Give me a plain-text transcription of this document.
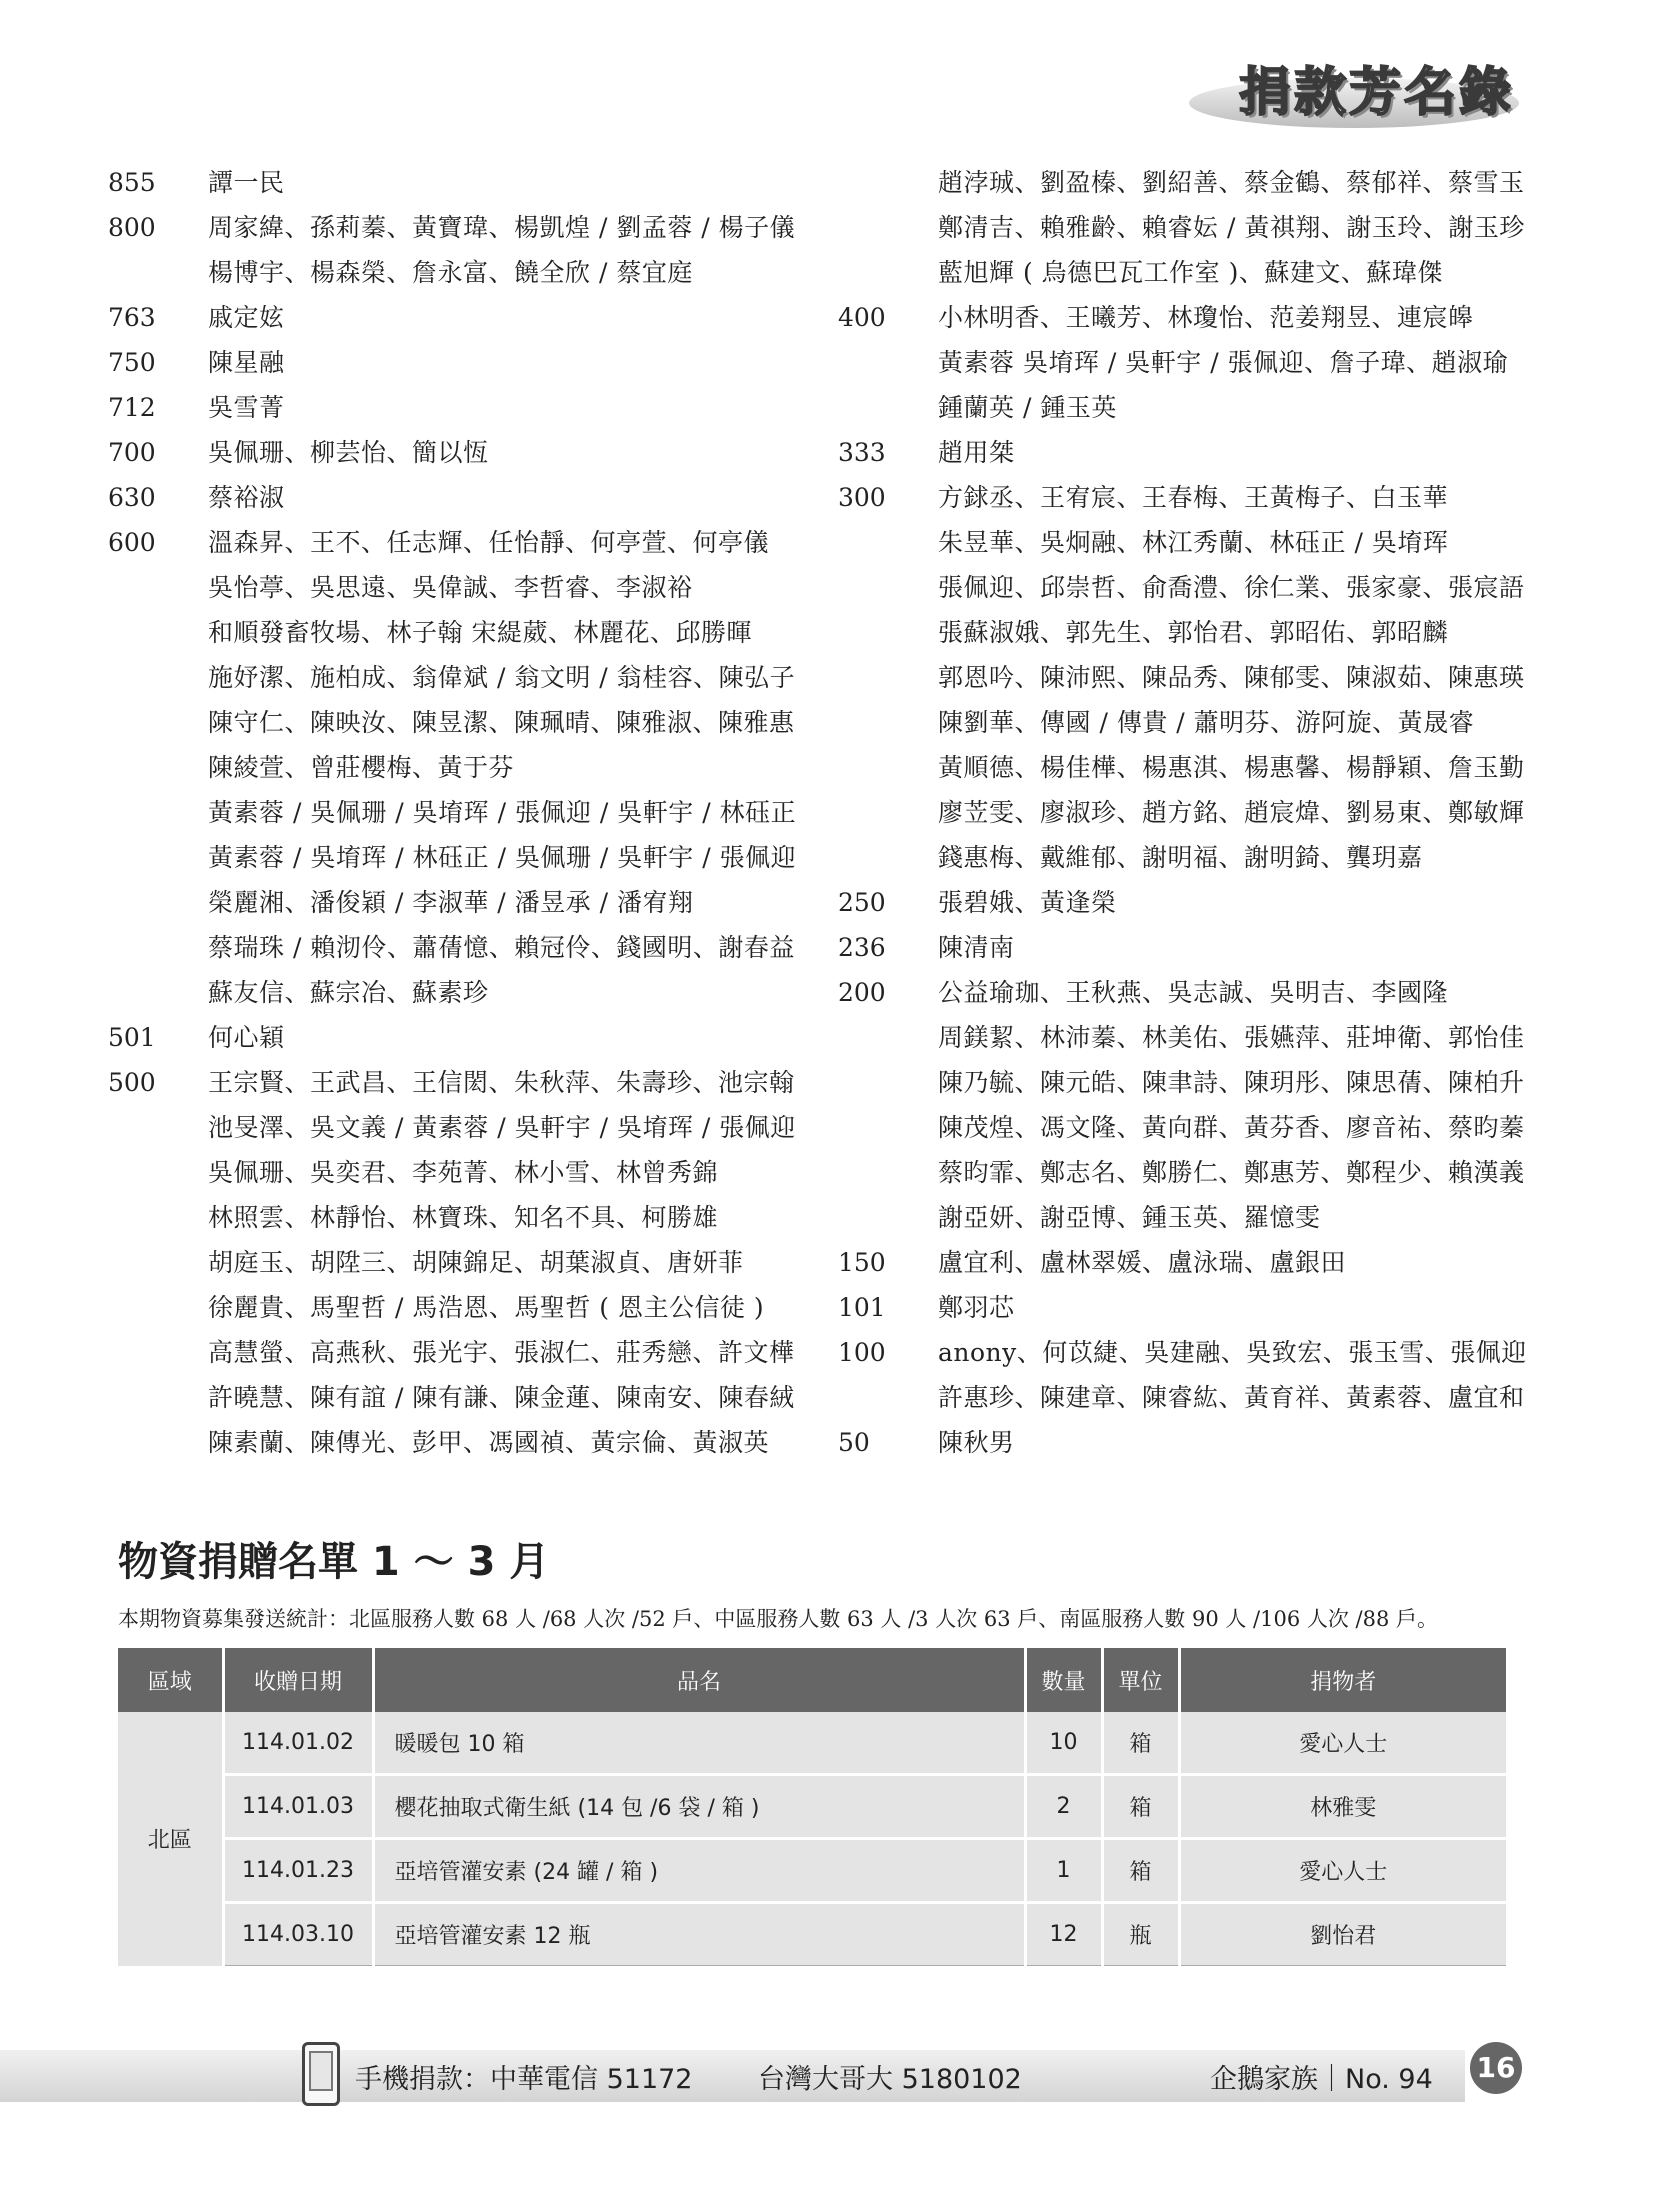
捐款芳名錄
855	譚一民
800	周家緯、孫莉蓁、黃寶瑋、楊凱煌 / 劉孟蓉 / 楊子儀
楊博宇、楊森榮、詹永富、饒全欣 / 蔡宜庭
763	戚定妶
750	陳星融
712	吳雪菁
700	吳佩珊、柳芸怡、簡以恆
630	蔡裕淑
600	溫森昇、王不、任志輝、任怡靜、何亭萱、何亭儀
吳怡葶、吳思遠、吳偉誠、李哲睿、李淑裕
和順發畜牧場、林子翰 宋緹葳、林麗花、邱勝暉
施妤潔、施柏成、翁偉斌 / 翁文明 / 翁桂容、陳弘子
陳守仁、陳映汝、陳昱潔、陳珮晴、陳雅淑、陳雅惠
陳綾萱、曾莊櫻梅、黃于芬
黃素蓉 / 吳佩珊 / 吳堉珲 / 張佩迎 / 吳軒宇 / 林砡正
黃素蓉 / 吳堉珲 / 林砡正 / 吳佩珊 / 吳軒宇 / 張佩迎
榮麗湘、潘俊穎 / 李淑華 / 潘昱承 / 潘宥翔
蔡瑞珠 / 賴沏伶、蕭蒨憶、賴冠伶、錢國明、謝春益
蘇友信、蘇宗冶、蘇素珍
501	何心穎
500	王宗賢、王武昌、王信閎、朱秋萍、朱壽珍、池宗翰
池旻澤、吳文義 / 黃素蓉 / 吳軒宇 / 吳堉珲 / 張佩迎
吳佩珊、吳奕君、李苑菁、林小雪、林曾秀錦
林照雲、林靜怡、林寶珠、知名不具、柯勝雄
胡庭玉、胡陞三、胡陳錦足、胡葉淑貞、唐妍菲
徐麗貴、馬聖哲 / 馬浩恩、馬聖哲 ( 恩主公信徒 )
高慧螢、高燕秋、張光宇、張淑仁、莊秀戀、許文樺
許曉慧、陳有誼 / 陳有謙、陳金蓮、陳南安、陳春絨
陳素蘭、陳傳光、彭甲、馮國禎、黃宗倫、黃淑英
趙浡珹、劉盈榛、劉紹善、蔡金鶴、蔡郁祥、蔡雪玉
鄭清吉、賴雅齡、賴睿妘 / 黃祺翔、謝玉玲、謝玉珍
藍旭輝 ( 烏德巴瓦工作室 )、蘇建文、蘇瑋傑
400	小林明香、王曦芳、林瓊怡、范姜翔昱、連宸皞
黃素蓉 吳堉珲 / 吳軒宇 / 張佩迎、詹子瑋、趙淑瑜
鍾蘭英 / 鍾玉英
333	趙用桀
300	方銶丞、王宥宸、王春梅、王黃梅子、白玉華
朱昱華、吳炯融、林江秀蘭、林砡正 / 吳堉珲
張佩迎、邱崇哲、俞喬澧、徐仁業、張家豪、張宸語
張蘇淑娥、郭先生、郭怡君、郭昭佑、郭昭麟
郭恩吟、陳沛熙、陳品秀、陳郁雯、陳淑茹、陳惠瑛
陳劉華、傳國 / 傳貴 / 蕭明芬、游阿旋、黃晟睿
黃順德、楊佳樺、楊惠淇、楊惠馨、楊靜穎、詹玉勤
廖苙雯、廖淑珍、趙方銘、趙宸煒、劉易東、鄭敏輝
錢惠梅、戴維郁、謝明福、謝明錡、龔玥嘉
250	張碧娥、黃逢榮
236	陳清南
200	公益瑜珈、王秋燕、吳志誠、吳明吉、李國隆
周鎂絜、林沛蓁、林美佑、張嬿萍、莊坤衛、郭怡佳
陳乃毓、陳元皓、陳聿詩、陳玥彤、陳思蒨、陳柏升
陳茂煌、馮文隆、黃向群、黃芬香、廖音祐、蔡昀蓁
蔡昀霏、鄭志名、鄭勝仁、鄭惠芳、鄭程少、賴漢義
謝亞妍、謝亞博、鍾玉英、羅憶雯
150	盧宜利、盧林翠媛、盧泳瑞、盧銀田
101	鄭羽芯
100	anony、何苡緁、吳建融、吳致宏、張玉雪、張佩迎
許惠珍、陳建章、陳睿紘、黃育祥、黃素蓉、盧宜和
50	陳秋男
物資捐贈名單 1 ～ 3 月
本期物資募集發送統計：北區服務人數 68 人 /68 人次 /52 戶、中區服務人數 63 人 /3 人次 63 戶、南區服務人數 90 人 /106 人次 /88 戶。
區域	收贈日期	品名	數量	單位	捐物者
北區	114.01.02	暖暖包 10 箱	10	箱	愛心人士
	114.01.03	櫻花抽取式衛生紙 (14 包 /6 袋 / 箱 )	2	箱	林雅雯
	114.01.23	亞培管灌安素 (24 罐 / 箱 )	1	箱	愛心人士
	114.03.10	亞培管灌安素 12 瓶	12	瓶	劉怡君
手機捐款：中華電信 51172 台灣大哥大 5180102	企鵝家族｜No. 94 16
